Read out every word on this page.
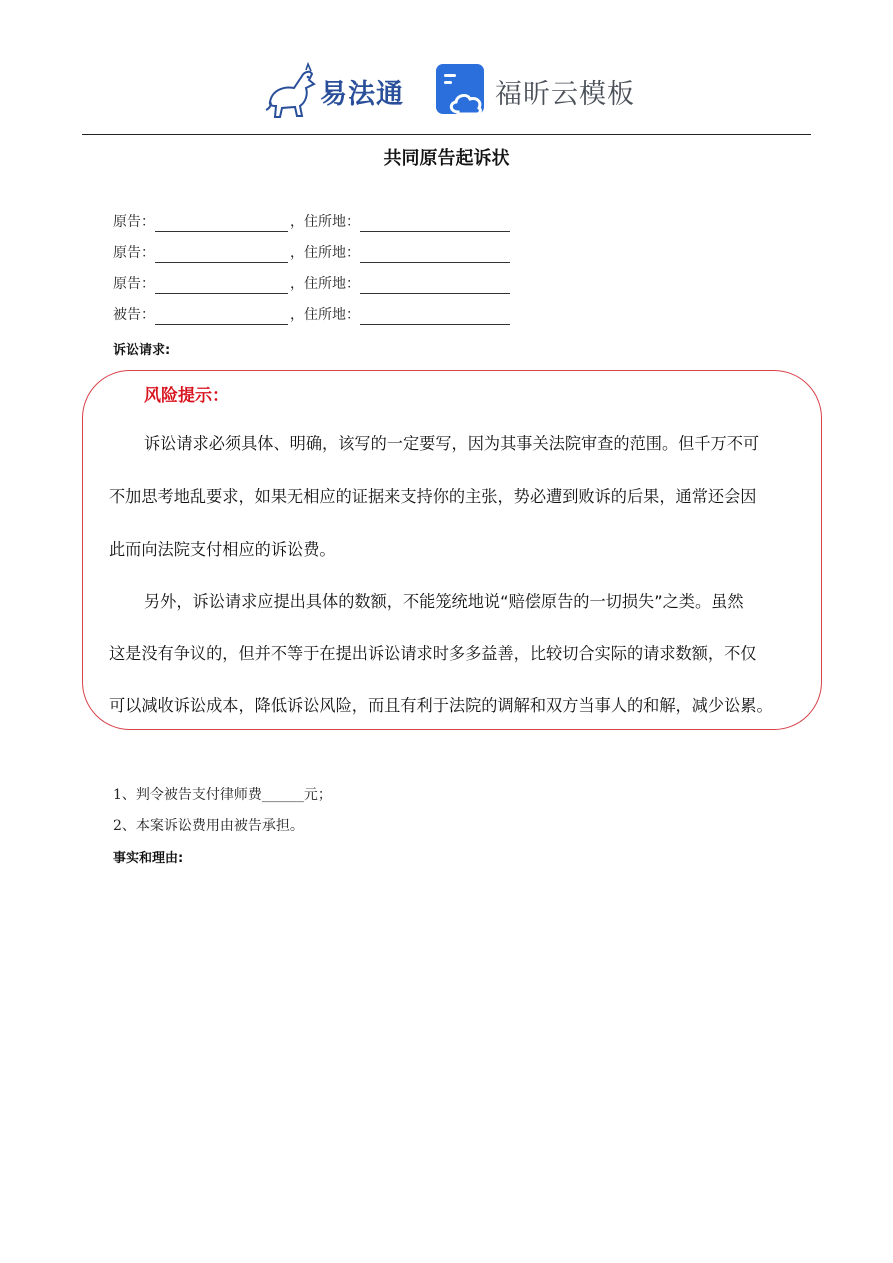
易法通	福昕云模板
共同原告起诉状
原告：	，住所地：
原告：	，住所地：
原告：	，住所地：
被告：	，住所地：
诉讼请求:
风险提示：
诉讼请求必须具体、明确，该写的一定要写，因为其事关法院审查的范围。但千万不可
不加思考地乱要求，如果无相应的证据来支持你的主张，势必遭到败诉的后果，通常还会因
此而向法院支付相应的诉讼费。
另外，诉讼请求应提出具体的数额，不能笼统地说“赔偿原告的一切损失”之类。虽然
这是没有争议的，但并不等于在提出诉讼请求时多多益善，比较切合实际的请求数额，不仅
可以减收诉讼成本，降低诉讼风险，而且有利于法院的调解和双方当事人的和解，减少讼累。
1、判令被告支付律师费______元；
2、本案诉讼费用由被告承担。
事实和理由:
